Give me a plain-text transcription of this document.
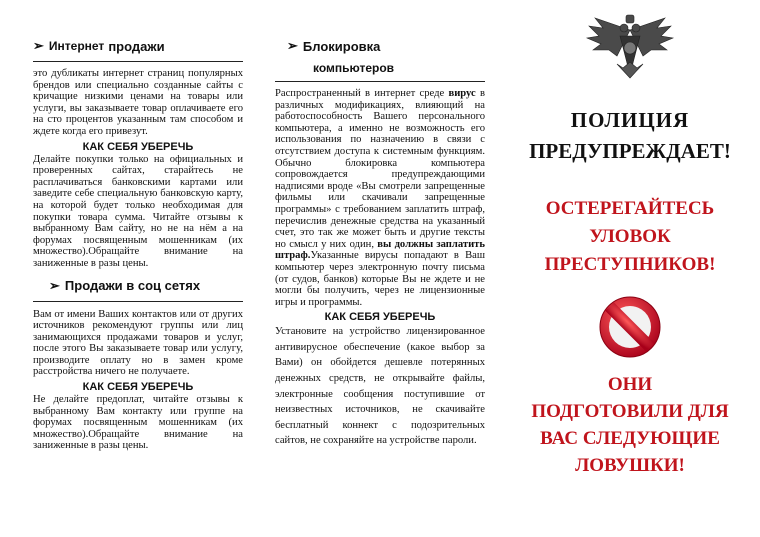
➢ Интернет продажи

это дубликаты интернет страниц популярных брендов или специально созданные сайты с кричащие низкими ценами на товары или услуги, вы заказываете товар оплачиваете его на сто процентов указанным там способом и ждете когда его привезут.

КАК СЕБЯ УБЕРЕЧЬ

Делайте покупки только на официальных и проверенных сайтах, старайтесь не расплачиваться банковскими картами или заведите себе специальную банковскую карту, на которой будет только необходимая для покупки товара сумма. Читайте отзывы к выбранному Вам сайту, но не на нём а на форумах посвященным мошенникам (их множество).Обращайте внимание на заниженные в разы цены.

➢ Продажи в соц сетях

Вам от имени Ваших контактов или от других источников рекомендуют группы или лиц занимающихся продажами товаров и услуг, после этого Вы заказываете товар или услугу, производите оплату но в замен кроме расстройства ничего не получаете.

КАК СЕБЯ УБЕРЕЧЬ

Не делайте предоплат, читайте отзывы к выбранному Вам контакту или группе на форумах посвященным мошенникам (их множество).Обращайте внимание на заниженные в разы цены.

➢ Блокировка
компьютеров

Распространенный в интернет среде вирус в различных модификациях, влияющий на работоспособность Вашего персонального компьютера, а именно не возможность его использования по назначению в связи с отсутствием доступа к системным функциям. Обычно блокировка компьютера сопровождается предупреждающими надписями вроде «Вы смотрели запрещенные фильмы или скачивали запрещенные программы» с требованием заплатить штраф, перечислив денежные средства на указанный счет, это так же может быть и другие тексты но смысл у них один, вы должны заплатить штраф.Указанные вирусы попадают в Ваш компьютер через электронную почту письма (от судов, банков) которые Вы не ждете и не могли бы получить, через не лицензионные игры и программы.

КАК СЕБЯ УБЕРЕЧЬ

Установите на устройство лицензированное антивирусное обеспечение (какое выбор за Вами) он обойдется дешевле потерянных денежных средств, не открывайте файлы, электронные сообщения поступившие от неизвестных источников, не скачивайте бесплатный коннект с подозрительных сайтов, не сохраняйте на устройстве пароли.

ПОЛИЦИЯ
ПРЕДУПРЕЖДАЕТ!
ОСТЕРЕГАЙТЕСЬ
УЛОВОК
ПРЕСТУПНИКОВ!
ОНИ
ПОДГОТОВИЛИ ДЛЯ
ВАС СЛЕДУЮЩИЕ
ЛОВУШКИ!
